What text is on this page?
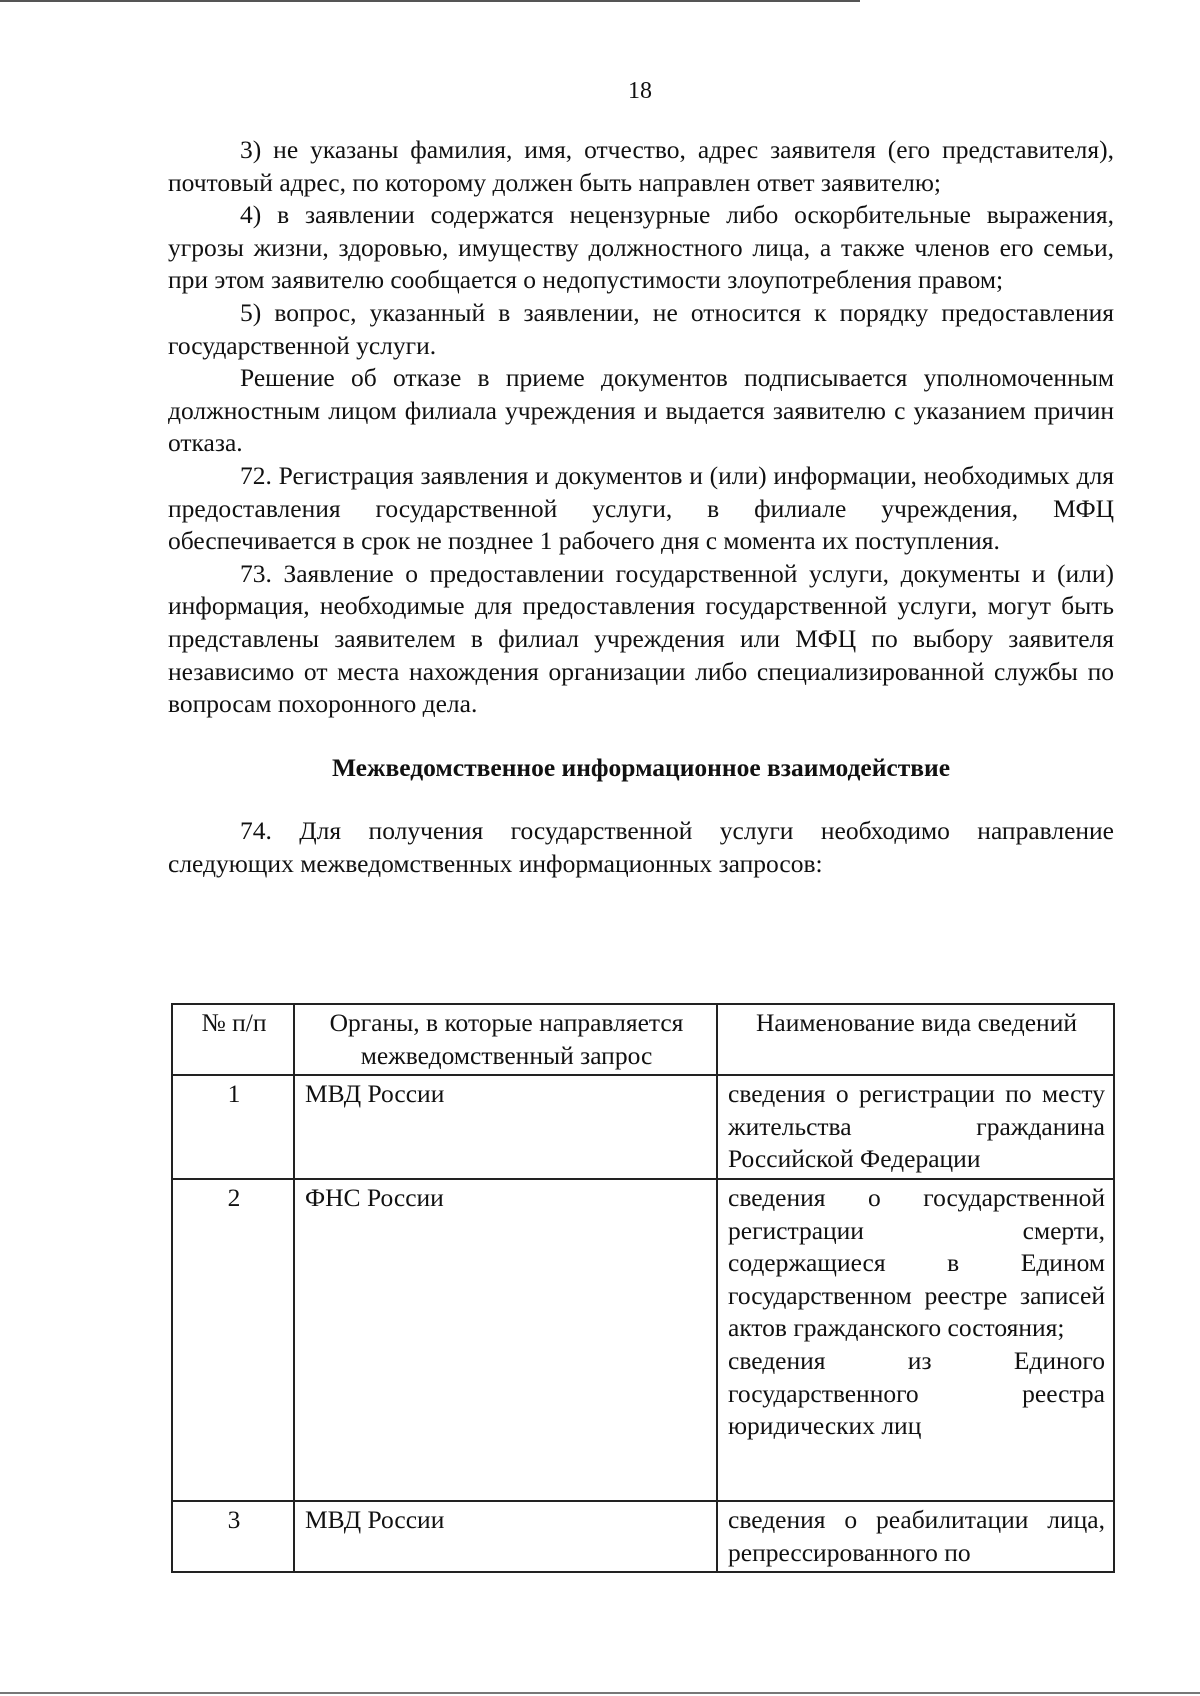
18

3) не указаны фамилия, имя, отчество, адрес заявителя (его представителя), почтовый адрес, по которому должен быть направлен ответ заявителю;

4) в заявлении содержатся нецензурные либо оскорбительные выражения, угрозы жизни, здоровью, имуществу должностного лица, а также членов его семьи, при этом заявителю сообщается о недопустимости злоупотребления правом;

5) вопрос, указанный в заявлении, не относится к порядку предоставления государственной услуги.

Решение об отказе в приеме документов подписывается уполномоченным должностным лицом филиала учреждения и выдается заявителю с указанием причин отказа.

72. Регистрация заявления и документов и (или) информации, необходимых для предоставления государственной услуги, в филиале учреждения, МФЦ обеспечивается в срок не позднее 1 рабочего дня с момента их поступления.

73. Заявление о предоставлении государственной услуги, документы и (или) информация, необходимые для предоставления государственной услуги, могут быть представлены заявителем в филиал учреждения или МФЦ по выбору заявителя независимо от места нахождения организации либо специализированной службы по вопросам похоронного дела.

Межведомственное информационное взаимодействие

74. Для получения государственной услуги необходимо направление следующих межведомственных информационных запросов:

№ п/п	Органы, в которые направляется межведомственный запрос	Наименование вида сведений
1	МВД России	сведения о регистрации по месту жительства гражданина Российской Федерации

2	ФНС России	сведения о государственной регистрации смерти, содержащиеся в Едином государственном реестре записей актов гражданского состояния;
сведения из Единого государственного реестра юридических лиц

3	МВД России	сведения о реабилитации лица, репрессированного по
